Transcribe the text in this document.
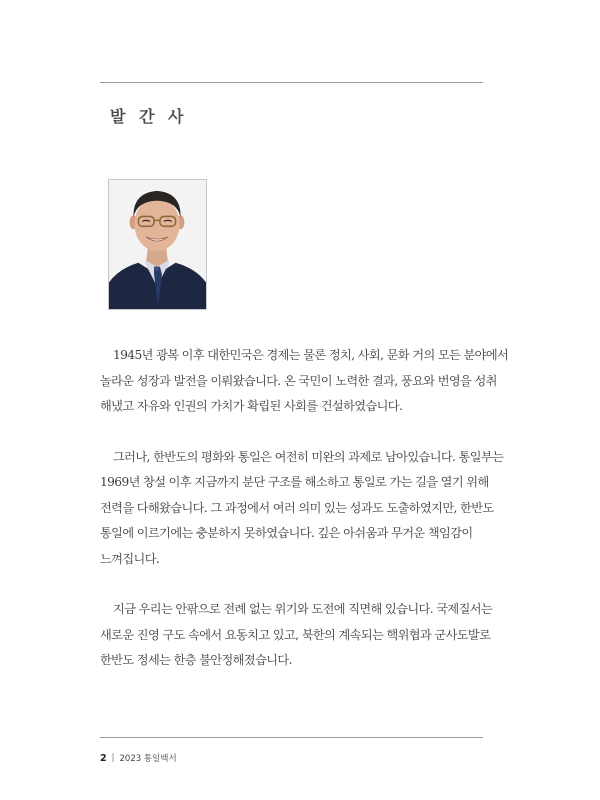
발 간 사

1945년 광복 이후 대한민국은 경제는 물론 정치, 사회, 문화 거의 모든 분야에서
놀라운 성장과 발전을 이뤄왔습니다. 온 국민이 노력한 결과, 풍요와 번영을 성취
해냈고 자유와 인권의 가치가 확립된 사회를 건설하였습니다.

그러나, 한반도의 평화와 통일은 여전히 미완의 과제로 남아있습니다. 통일부는
1969년 창설 이후 지금까지 분단 구조를 해소하고 통일로 가는 길을 열기 위해
전력을 다해왔습니다. 그 과정에서 여러 의미 있는 성과도 도출하였지만, 한반도
통일에 이르기에는 충분하지 못하였습니다. 깊은 아쉬움과 무거운 책임감이
느껴집니다.

지금 우리는 안팎으로 전례 없는 위기와 도전에 직면해 있습니다. 국제질서는
새로운 진영 구도 속에서 요동치고 있고, 북한의 계속되는 핵위협과 군사도발로
한반도 정세는 한층 불안정해졌습니다.

2 | 2023 통일백서
